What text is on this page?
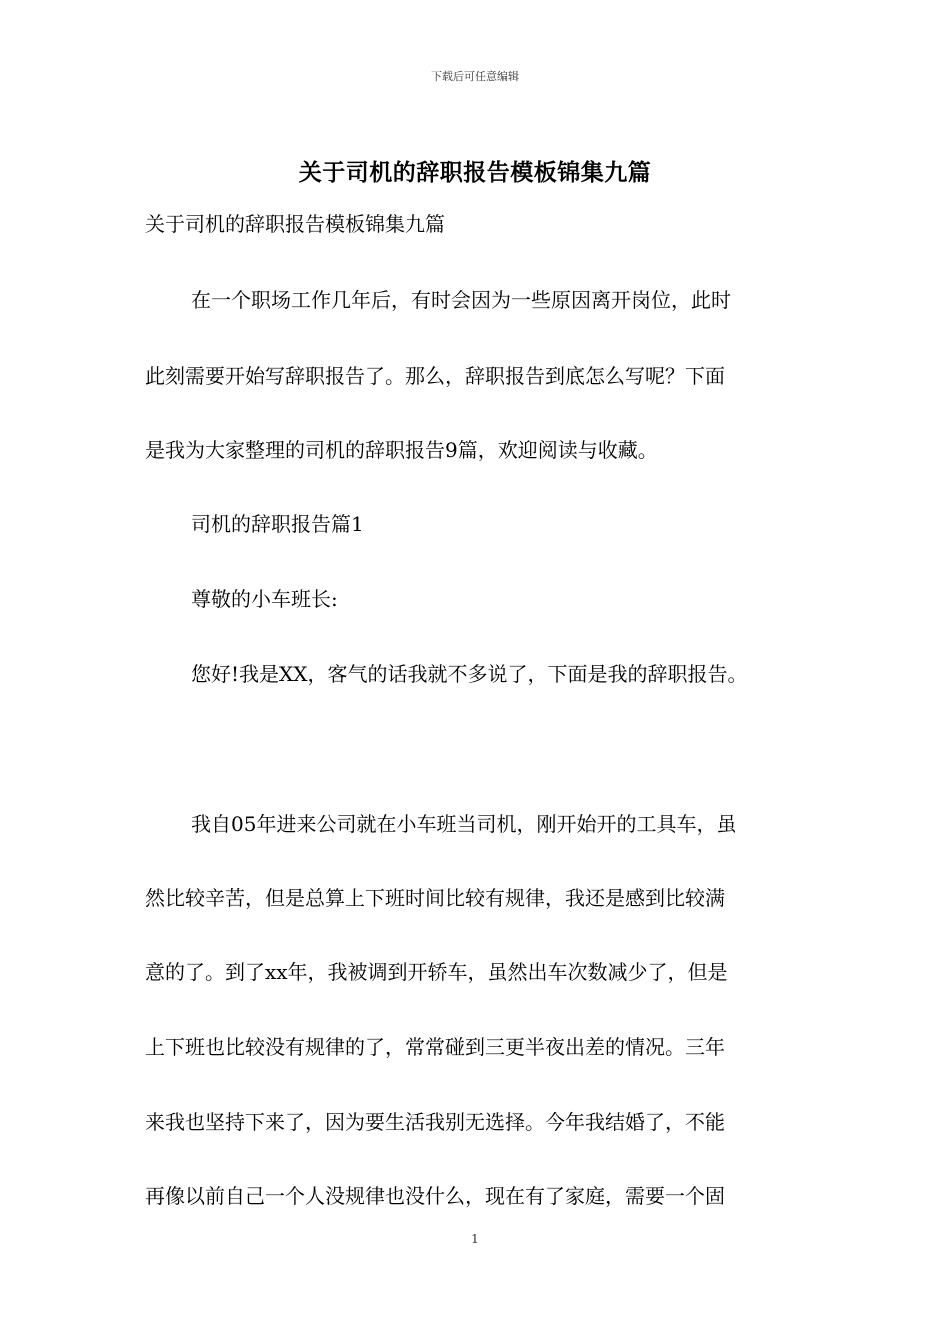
下载后可任意编辑
关于司机的辞职报告模板锦集九篇
关于司机的辞职报告模板锦集九篇
在一个职场工作几年后，有时会因为一些原因离开岗位，此时
此刻需要开始写辞职报告了。那么，辞职报告到底怎么写呢？下面
是我为大家整理的司机的辞职报告9篇，欢迎阅读与收藏。
司机的辞职报告篇1
尊敬的小车班长:
您好!我是XX，客气的话我就不多说了，下面是我的辞职报告。
我自05年进来公司就在小车班当司机，刚开始开的工具车，虽
然比较辛苦，但是总算上下班时间比较有规律，我还是感到比较满
意的了。到了xx年，我被调到开轿车，虽然出车次数减少了，但是
上下班也比较没有规律的了，常常碰到三更半夜出差的情况。三年
来我也坚持下来了，因为要生活我别无选择。今年我结婚了，不能
再像以前自己一个人没规律也没什么，现在有了家庭，需要一个固
1
